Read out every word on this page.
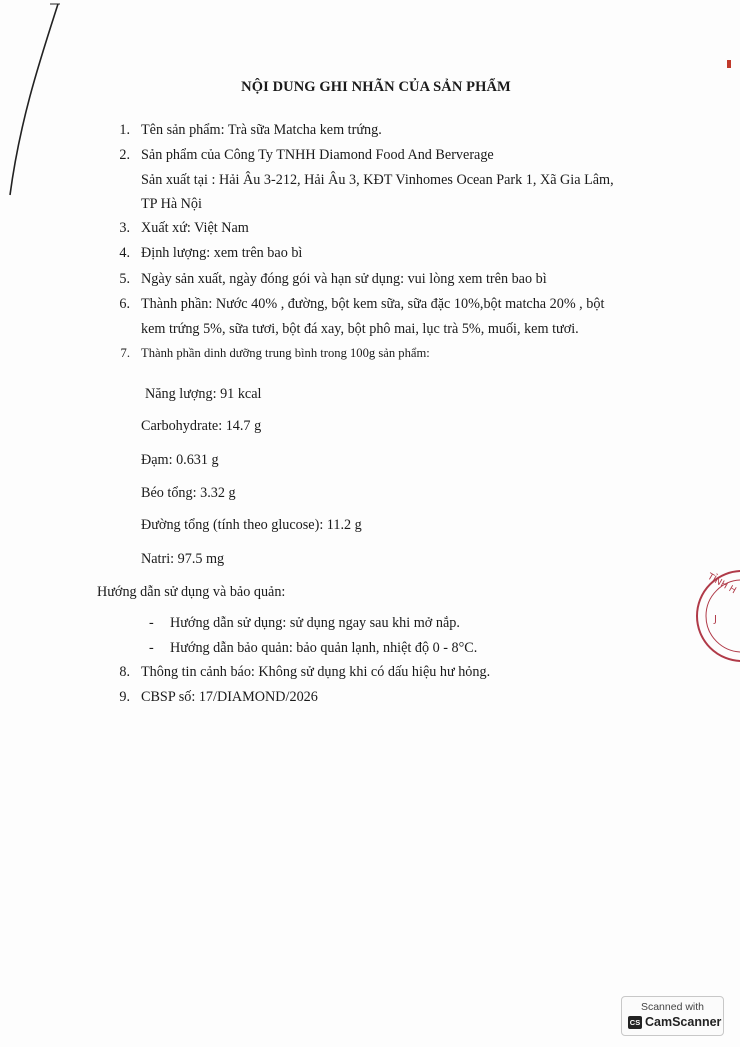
NỘI DUNG GHI NHÃN CỦA SẢN PHẨM
1. Tên sản phẩm: Trà sữa Matcha kem trứng.
2. Sản phẩm của Công Ty TNHH Diamond Food And Berverage
Sản xuất tại : Hải Âu 3-212, Hải Âu 3, KĐT Vinhomes Ocean Park 1, Xã Gia Lâm,
TP Hà Nội
3. Xuất xứ: Việt Nam
4. Định lượng: xem trên bao bì
5. Ngày sản xuất, ngày đóng gói và hạn sử dụng: vui lòng xem trên bao bì
6. Thành phần: Nước 40% , đường, bột kem sữa, sữa đặc 10%,bột matcha 20% , bột
kem trứng 5%, sữa tươi, bột đá xay, bột phô mai, lục trà 5%, muối, kem tươi.
7. Thành phần dinh dưỡng trung bình trong 100g sản phẩm:
Năng lượng: 91 kcal
Carbohydrate: 14.7 g
Đạm: 0.631 g
Béo tổng: 3.32 g
Đường tổng (tính theo glucose): 11.2 g
Natri: 97.5 mg
Hướng dẫn sử dụng và bảo quản:
- Hướng dẫn sử dụng: sử dụng ngay sau khi mở nắp.
- Hướng dẫn bảo quản: bảo quản lạnh, nhiệt độ 0 - 8°C.
8. Thông tin cảnh báo: Không sử dụng khi có dấu hiệu hư hỏng.
9. CBSP số: 17/DIAMOND/2026
TỈNH H
J
Scanned with
CS CamScanner
